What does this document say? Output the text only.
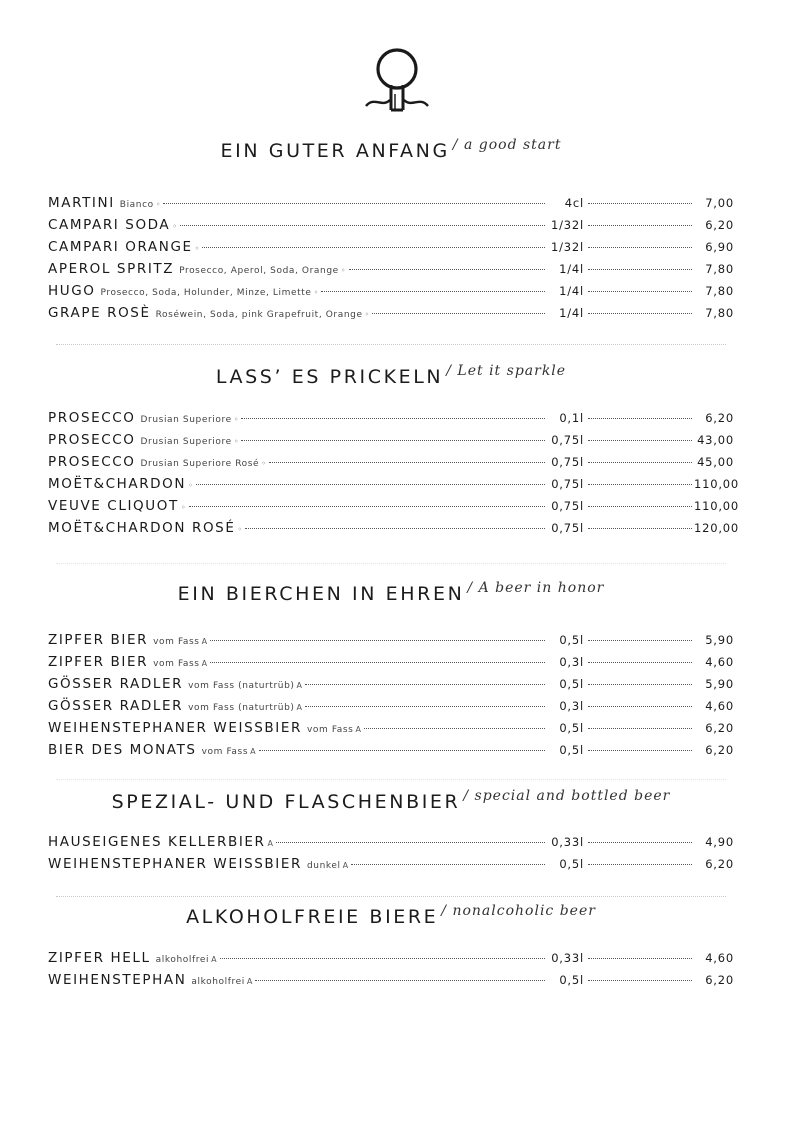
EIN GUTER ANFANG / a good start
MARTINI Bianco ◦	4cl	7,00
CAMPARI SODA ◦	1/32l	6,20
CAMPARI ORANGE ◦	1/32l	6,90
APEROL SPRITZ Prosecco, Aperol, Soda, Orange ◦	1/4l	7,80
HUGO Prosecco, Soda, Holunder, Minze, Limette ◦	1/4l	7,80
GRAPE ROSÈ Roséwein, Soda, pink Grapefruit, Orange ◦	1/4l	7,80
LASS’ ES PRICKELN / Let it sparkle
PROSECCO Drusian Superiore ◦	0,1l	6,20
PROSECCO Drusian Superiore ◦	0,75l	43,00
PROSECCO Drusian Superiore Rosé ◦	0,75l	45,00
MOËT&CHARDON ◦	0,75l	110,00
VEUVE CLIQUOT ◦	0,75l	110,00
MOËT&CHARDON ROSÉ ◦	0,75l	120,00
EIN BIERCHEN IN EHREN / A beer in honor
ZIPFER BIER vom Fass A	0,5l	5,90
ZIPFER BIER vom Fass A	0,3l	4,60
GÖSSER RADLER vom Fass (naturtrüb) A	0,5l	5,90
GÖSSER RADLER vom Fass (naturtrüb) A	0,3l	4,60
WEIHENSTEPHANER WEISSBIER vom Fass A	0,5l	6,20
BIER DES MONATS vom Fass A	0,5l	6,20
SPEZIAL- UND FLASCHENBIER / special and bottled beer
HAUSEIGENES KELLERBIER A	0,33l	4,90
WEIHENSTEPHANER WEISSBIER dunkel A	0,5l	6,20
ALKOHOLFREIE BIERE / nonalcoholic beer
ZIPFER HELL alkoholfrei A	0,33l	4,60
WEIHENSTEPHAN alkoholfrei A	0,5l	6,20
